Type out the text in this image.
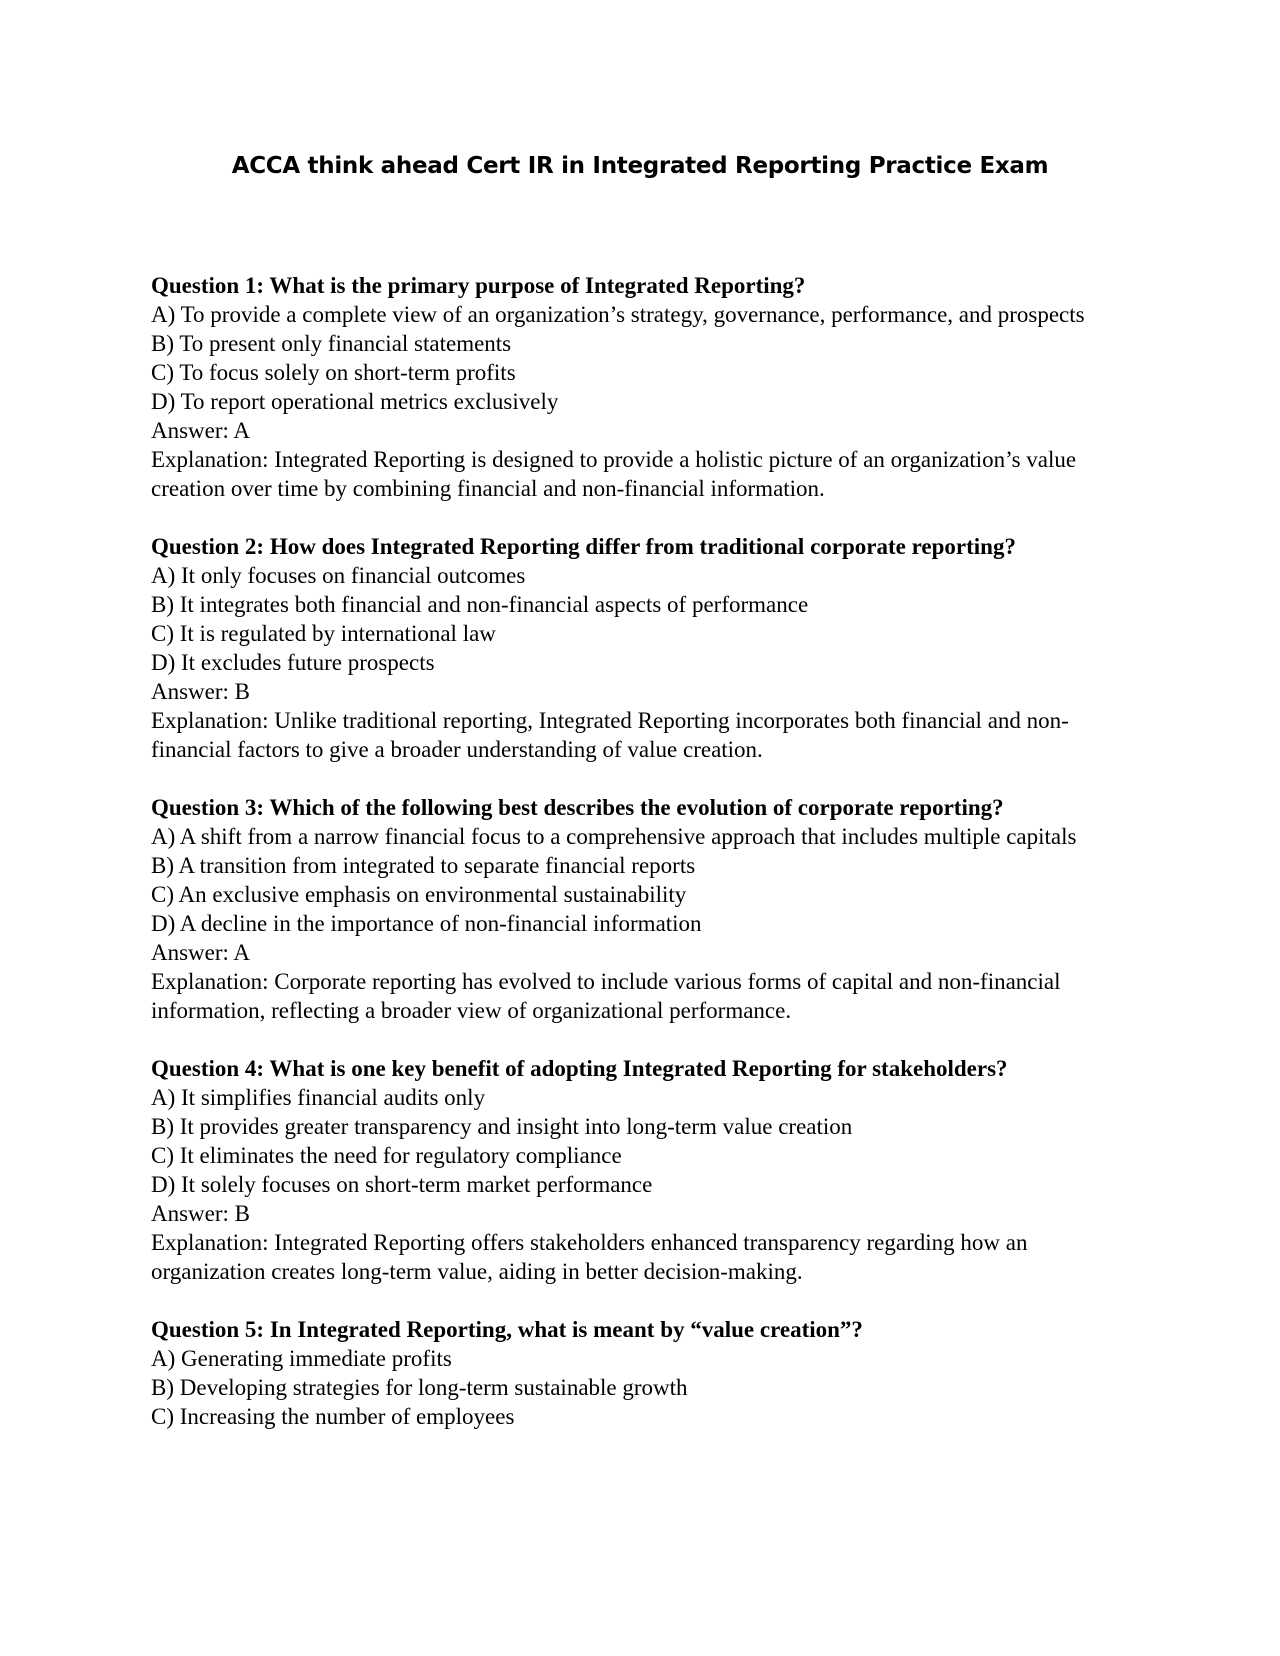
ACCA think ahead Cert IR in Integrated Reporting Practice Exam
Question 1: What is the primary purpose of Integrated Reporting?
A) To provide a complete view of an organization’s strategy, governance, performance, and prospects
B) To present only financial statements
C) To focus solely on short-term profits
D) To report operational metrics exclusively
Answer: A
Explanation: Integrated Reporting is designed to provide a holistic picture of an organization’s value creation over time by combining financial and non-financial information.
Question 2: How does Integrated Reporting differ from traditional corporate reporting?
A) It only focuses on financial outcomes
B) It integrates both financial and non-financial aspects of performance
C) It is regulated by international law
D) It excludes future prospects
Answer: B
Explanation: Unlike traditional reporting, Integrated Reporting incorporates both financial and non-financial factors to give a broader understanding of value creation.
Question 3: Which of the following best describes the evolution of corporate reporting?
A) A shift from a narrow financial focus to a comprehensive approach that includes multiple capitals
B) A transition from integrated to separate financial reports
C) An exclusive emphasis on environmental sustainability
D) A decline in the importance of non-financial information
Answer: A
Explanation: Corporate reporting has evolved to include various forms of capital and non-financial information, reflecting a broader view of organizational performance.
Question 4: What is one key benefit of adopting Integrated Reporting for stakeholders?
A) It simplifies financial audits only
B) It provides greater transparency and insight into long-term value creation
C) It eliminates the need for regulatory compliance
D) It solely focuses on short-term market performance
Answer: B
Explanation: Integrated Reporting offers stakeholders enhanced transparency regarding how an organization creates long-term value, aiding in better decision-making.
Question 5: In Integrated Reporting, what is meant by “value creation”?
A) Generating immediate profits
B) Developing strategies for long-term sustainable growth
C) Increasing the number of employees
